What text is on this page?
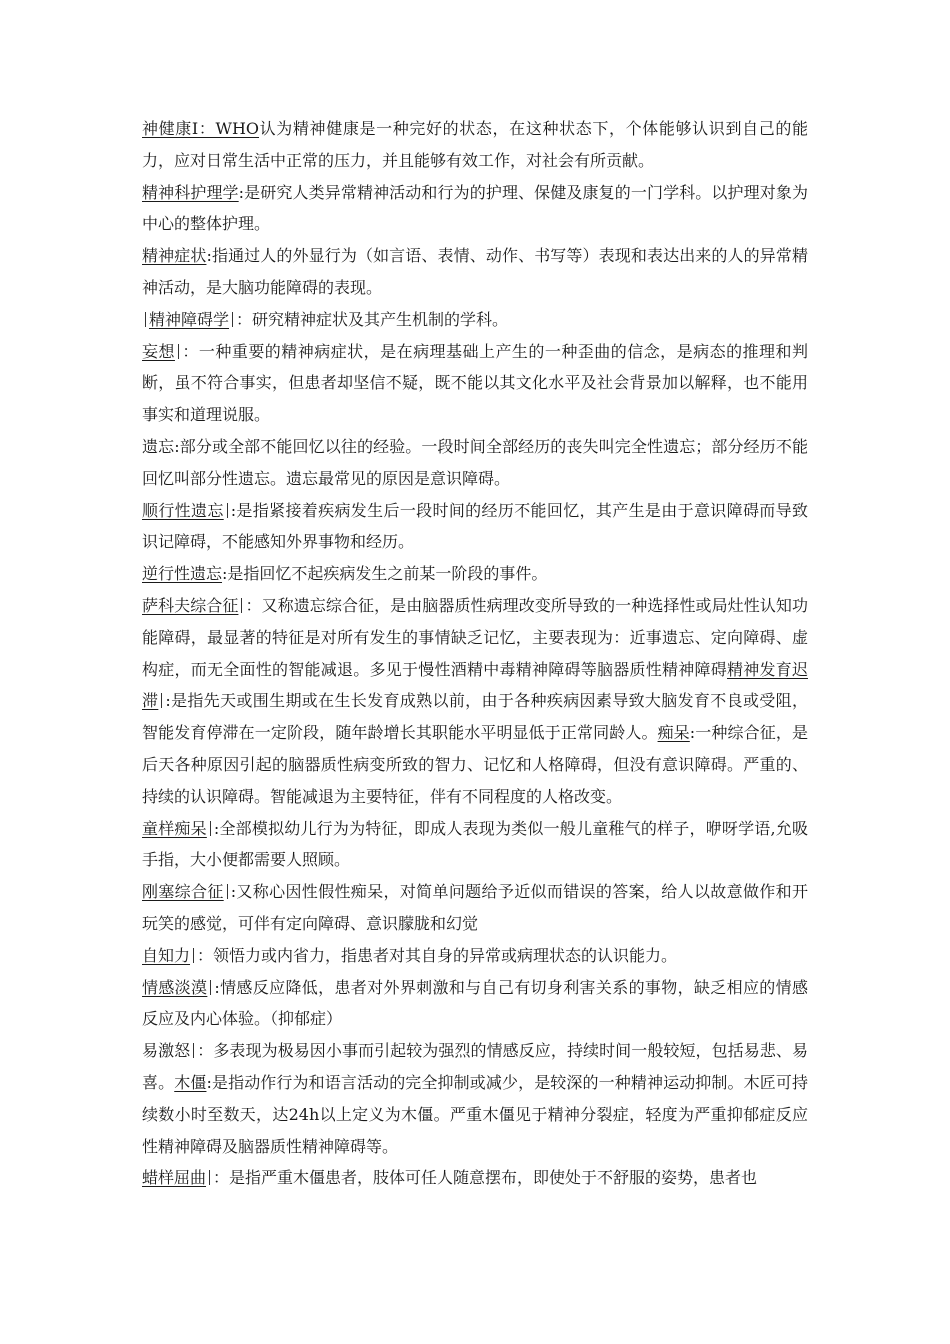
神健康Ⅰ：WHO认为精神健康是一种完好的状态，在这种状态下，个体能够认识到自己的能力，应对日常生活中正常的压力，并且能够有效工作，对社会有所贡献。

精神科护理学:是研究人类异常精神活动和行为的护理、保健及康复的一门学科。以护理对象为中心的整体护理。

精神症状:指通过人的外显行为（如言语、表情、动作、书写等）表现和表达出来的人的异常精神活动，是大脑功能障碍的表现。

精神障碍学 ：研究精神症状及其产生机制的学科。

妄想 ：一种重要的精神病症状，是在病理基础上产生的一种歪曲的信念，是病态的推理和判断，虽不符合事实，但患者却坚信不疑，既不能以其文化水平及社会背景加以解释，也不能用事实和道理说服。

遗忘:部分或全部不能回忆以往的经验。一段时间全部经历的丧失叫完全性遗忘；部分经历不能回忆叫部分性遗忘。遗忘最常见的原因是意识障碍。

顺行性遗忘 :是指紧接着疾病发生后一段时间的经历不能回忆，其产生是由于意识障碍而导致识记障碍，不能感知外界事物和经历。

逆行性遗忘:是指回忆不起疾病发生之前某一阶段的事件。

萨科夫综合征 ：又称遗忘综合征，是由脑器质性病理改变所导致的一种选择性或局灶性认知功能障碍，最显著的特征是对所有发生的事情缺乏记忆，主要表现为：近事遗忘、定向障碍、虚构症，而无全面性的智能减退。多见于慢性酒精中毒精神障碍等脑器质性精神障碍精神发育迟滞 :是指先天或围生期或在生长发育成熟以前，由于各种疾病因素导致大脑发育不良或受阻，智能发育停滞在一定阶段，随年龄增长其职能水平明显低于正常同龄人。痴呆:一种综合征，是后天各种原因引起的脑器质性病变所致的智力、记忆和人格障碍，但没有意识障碍。严重的、持续的认识障碍。智能减退为主要特征，伴有不同程度的人格改变。

童样痴呆 :全部模拟幼儿行为为特征，即成人表现为类似一般儿童稚气的样子，咿呀学语,允吸手指，大小便都需要人照顾。

刚塞综合征 :又称心因性假性痴呆，对简单问题给予近似而错误的答案，给人以故意做作和开玩笑的感觉，可伴有定向障碍、意识朦胧和幻觉

自知力 ：领悟力或内省力，指患者对其自身的异常或病理状态的认识能力。

情感淡漠 :情感反应降低，患者对外界刺激和与自己有切身利害关系的事物，缺乏相应的情感反应及内心体验。（抑郁症）

易激怒 ：多表现为极易因小事而引起较为强烈的情感反应，持续时间一般较短，包括易悲、易喜。木僵:是指动作行为和语言活动的完全抑制或减少，是较深的一种精神运动抑制。木匠可持续数小时至数天，达24h以上定义为木僵。严重木僵见于精神分裂症，轻度为严重抑郁症反应性精神障碍及脑器质性精神障碍等。

蜡样屈曲 ：是指严重木僵患者，肢体可任人随意摆布，即使处于不舒服的姿势，患者也
